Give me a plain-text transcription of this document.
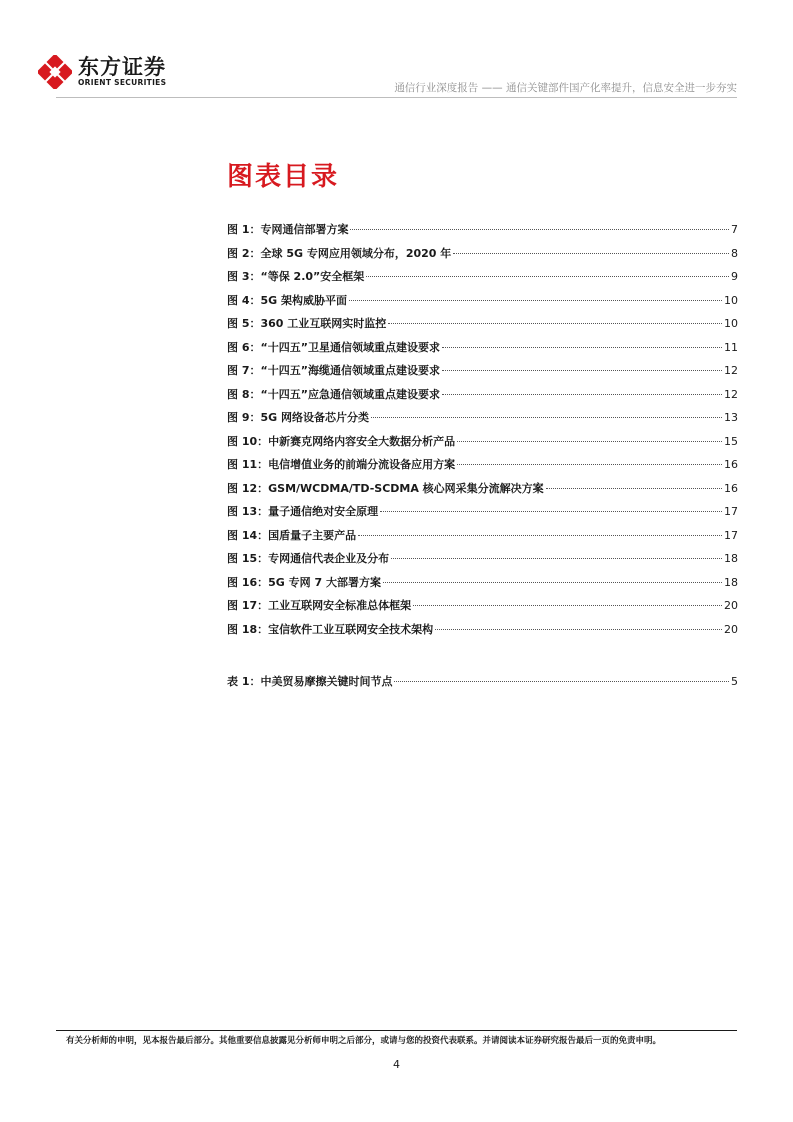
东方证券
ORIENT SECURITIES	通信行业深度报告 —— 通信关键部件国产化率提升，信息安全进一步夯实
图表目录
图 1：专网通信部署方案	7
图 2：全球 5G 专网应用领域分布，2020 年	8
图 3：“等保 2.0”安全框架	9
图 4：5G 架构威胁平面	10
图 5：360 工业互联网实时监控	10
图 6：“十四五”卫星通信领域重点建设要求	11
图 7：“十四五”海缆通信领域重点建设要求	12
图 8：“十四五”应急通信领域重点建设要求	12
图 9：5G 网络设备芯片分类	13
图 10：中新赛克网络内容安全大数据分析产品	15
图 11：电信增值业务的前端分流设备应用方案	16
图 12：GSM/WCDMA/TD-SCDMA 核心网采集分流解决方案	16
图 13：量子通信绝对安全原理	17
图 14：国盾量子主要产品	17
图 15：专网通信代表企业及分布	18
图 16：5G 专网 7 大部署方案	18
图 17：工业互联网安全标准总体框架	20
图 18：宝信软件工业互联网安全技术架构	20
表 1：中美贸易摩擦关键时间节点	5
有关分析师的申明，见本报告最后部分。其他重要信息披露见分析师申明之后部分，或请与您的投资代表联系。并请阅读本证券研究报告最后一页的免责申明。
4
